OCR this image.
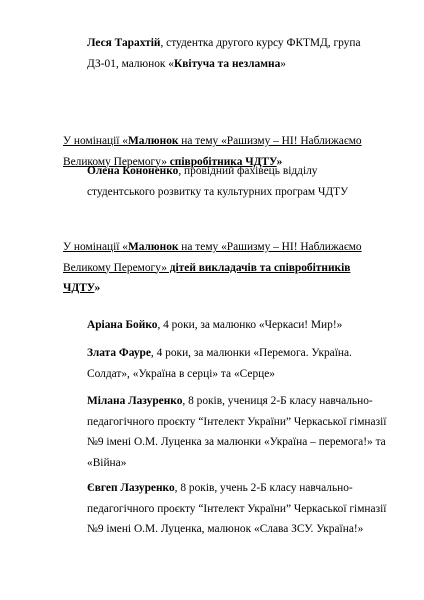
Леся Тарахтій, студентка другого курсу ФКТМД, група ДЗ-01, малюнок «Квітуча та незламна»

У номінації «Малюнок на тему «Рашизму – НІ! Наближаємо Великому Перемогу» співробітника ЧДТУ»

Олена Кононенко, провідний фахівець відділу студентського розвитку та культурних програм ЧДТУ

У номінації «Малюнок на тему «Рашизму – НІ! Наближаємо Великому Перемогу» дітей викладачів та співробітників ЧДТУ»

Аріана Бойко, 4 роки, за малюнко «Черкаси! Мир!»

Злата Фауре, 4 роки, за малюнки «Перемога. Україна. Солдат», «Україна в серці» та «Серце»

Мілана Лазуренко, 8 років, учениця 2-Б класу навчально-педагогічного проєкту “Інтелект України” Черкаської гімназії №9 імені О.М. Луценка за малюнки «Україна – перемога!» та «Війна»

Євгеп Лазуренко, 8 років, учень 2-Б класу навчально-педагогічного проєкту “Інтелект України” Черкаської гімназії №9 імені О.М. Луценка, малюнок «Слава ЗСУ. Україна!»
